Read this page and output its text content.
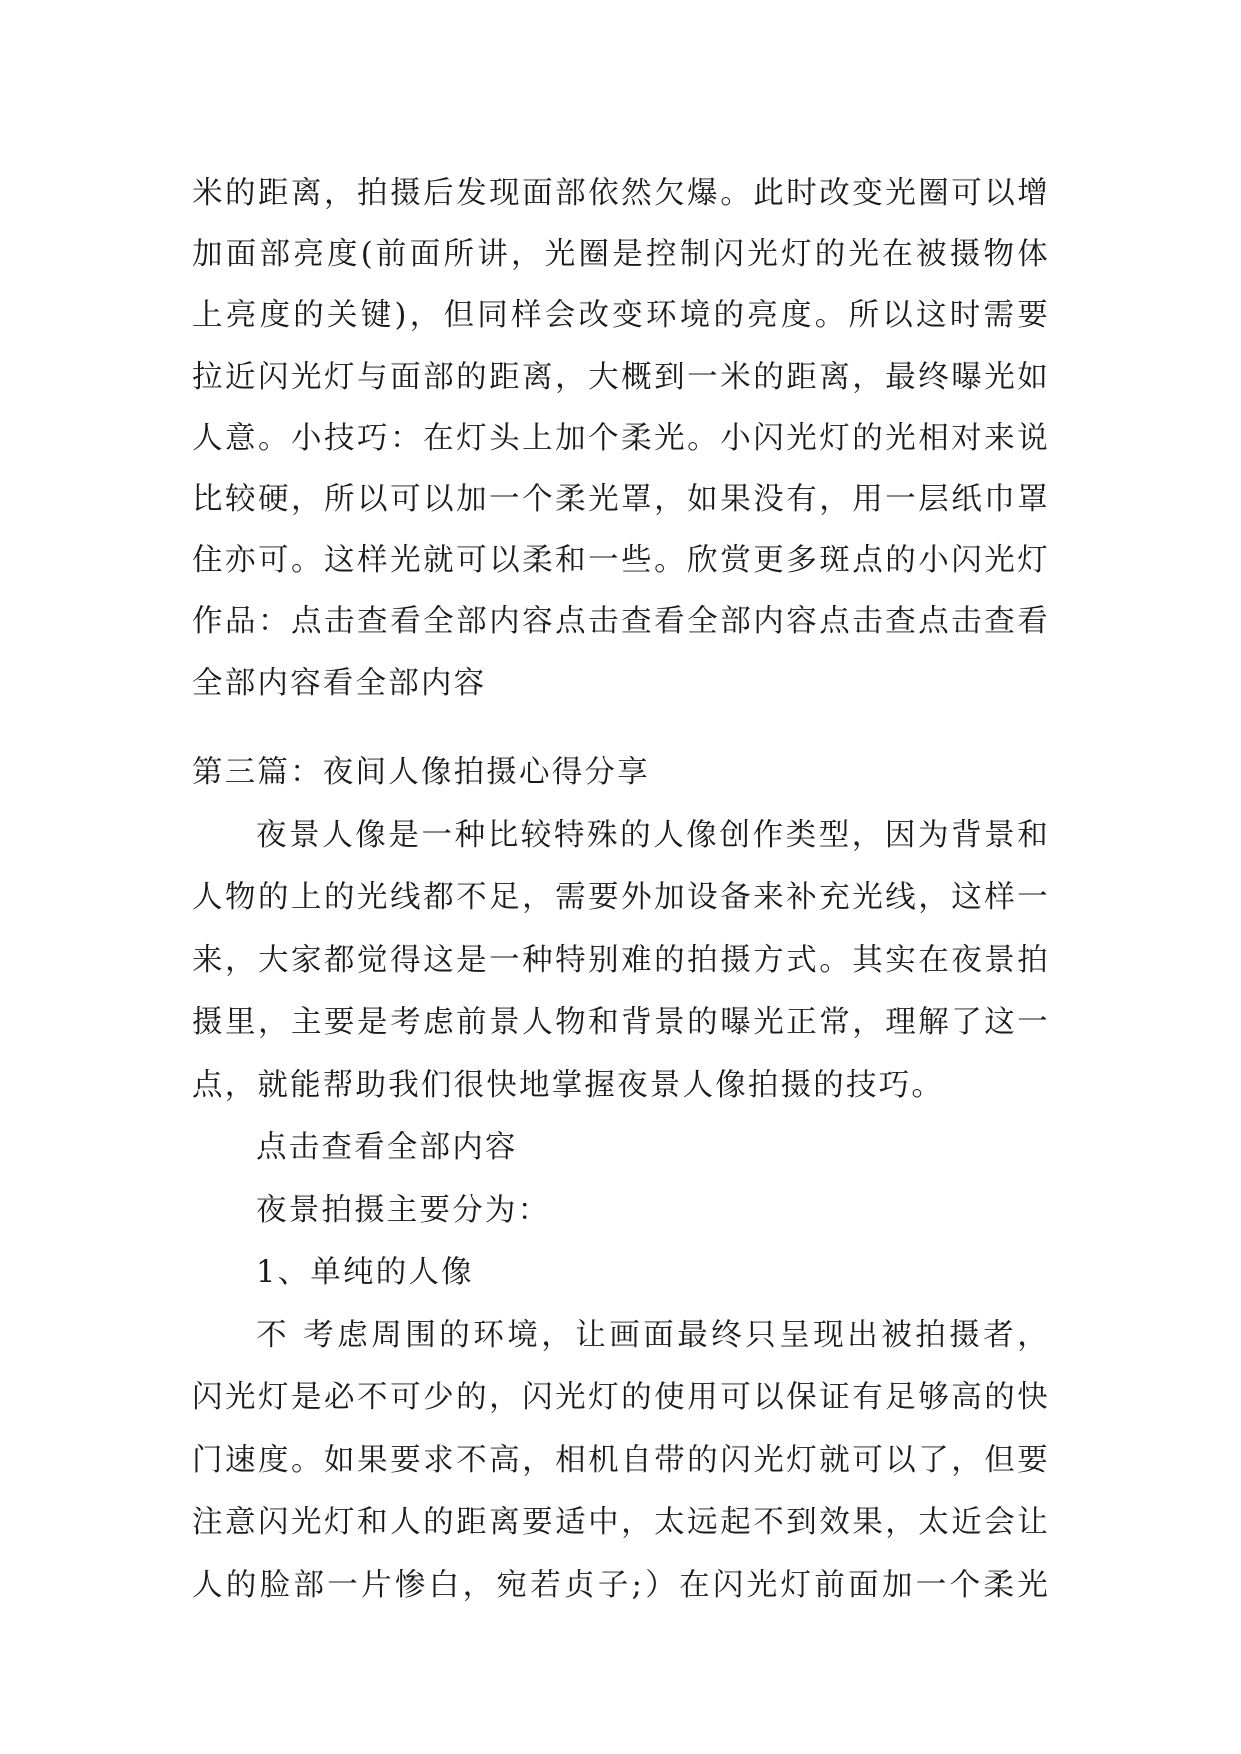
米的距离，拍摄后发现面部依然欠爆。此时改变光圈可以增
加面部亮度(前面所讲，光圈是控制闪光灯的光在被摄物体
上亮度的关键)，但同样会改变环境的亮度。所以这时需要
拉近闪光灯与面部的距离，大概到一米的距离，最终曝光如
人意。小技巧：在灯头上加个柔光。小闪光灯的光相对来说
比较硬，所以可以加一个柔光罩，如果没有，用一层纸巾罩
住亦可。这样光就可以柔和一些。欣赏更多斑点的小闪光灯
作品：点击查看全部内容点击查看全部内容点击查点击查看
全部内容看全部内容
第三篇：夜间人像拍摄心得分享
夜景人像是一种比较特殊的人像创作类型，因为背景和
人物的上的光线都不足，需要外加设备来补充光线，这样一
来，大家都觉得这是一种特别难的拍摄方式。其实在夜景拍
摄里，主要是考虑前景人物和背景的曝光正常，理解了这一
点，就能帮助我们很快地掌握夜景人像拍摄的技巧。
点击查看全部内容
夜景拍摄主要分为：
1、单纯的人像
不 考虑周围的环境，让画面最终只呈现出被拍摄者，
闪光灯是必不可少的，闪光灯的使用可以保证有足够高的快
门速度。如果要求不高，相机自带的闪光灯就可以了，但要
注意闪光灯和人的距离要适中，太远起不到效果，太近会让
人的脸部一片惨白，宛若贞子;）在闪光灯前面加一个柔光
